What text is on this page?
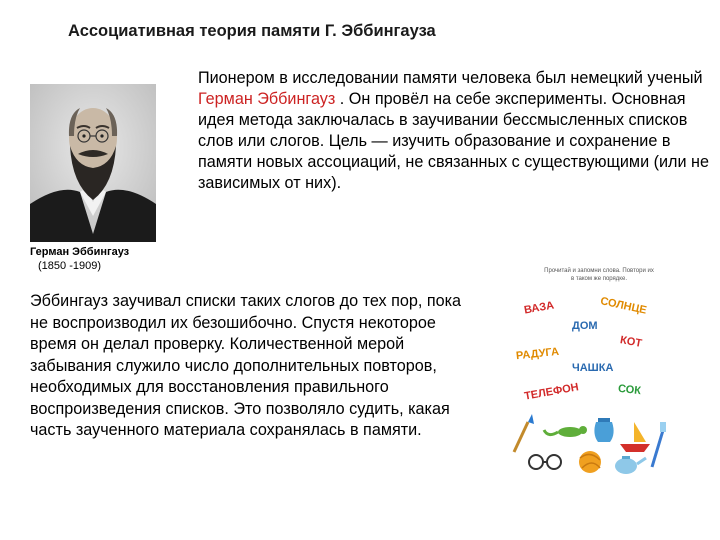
Ассоциативная теория памяти Г. Эббингауза
Герман Эббингауз
(1850 -1909)
Пионером в исследовании памяти человека был немецкий ученый Герман Эббингауз . Он провёл на себе эксперименты. Основная идея метода заключалась в заучивании бессмысленных списков слов или слогов. Цель — изучить образование и сохранение в памяти новых ассоциаций, не связанных с существующими (или не зависимых от них).
Эббингауз заучивал списки таких слогов до тех пор, пока не воспроизводил их безошибочно. Спустя некоторое время он делал проверку. Количественной мерой забывания служило число дополнительных повторов, необходимых для восстановления правильного воспроизведения списков. Это позволяло судить, какая часть заученного материала сохранялась в памяти.
Прочитай и запомни слова. Повтори их в таком же порядке.
ВАЗА	СОЛНЦЕ
ДОМ
КОТ
РАДУГА
ЧАШКА
ТЕЛЕФОН	СОК
